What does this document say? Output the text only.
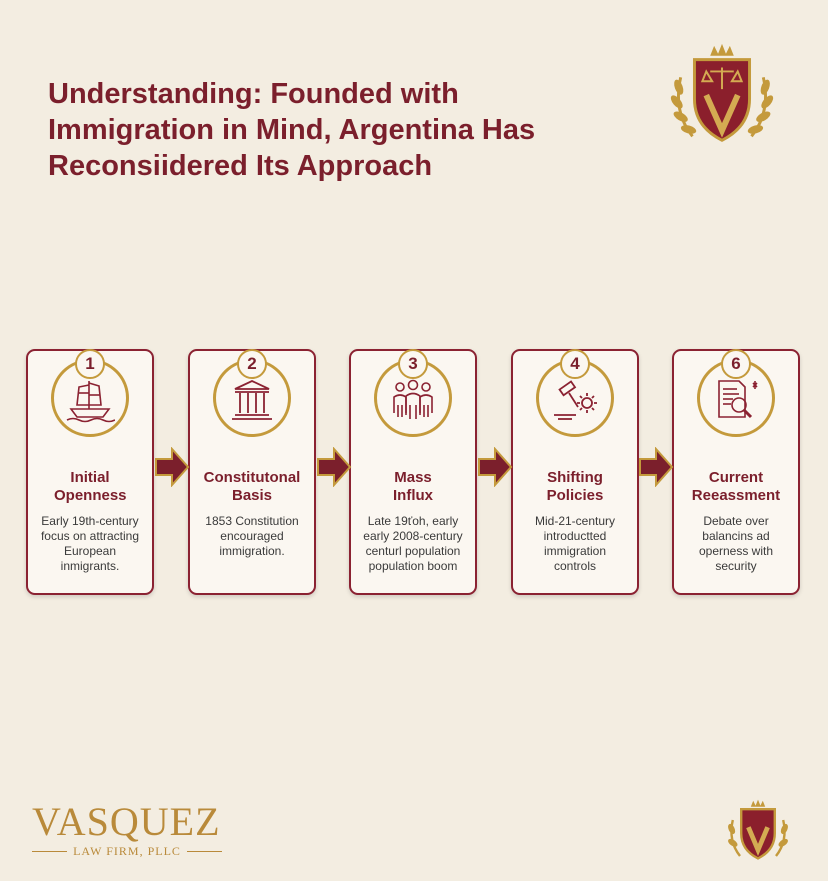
Understanding: Founded with Immigration in Mind, Argentina Has Reconsiidered Its Approach
1

Initial Openness

Early 19th-century focus on attracting European inmigrants.

2

Constitutonal Basis

1853 Constitution encouraged immigration.

3

Mass Influx

Late 19ťoh, early early 2008-century centurl population population boom

4

Shifting Policies

Mid-21-century introductted immigration controls

6

Current Reeassment

Debate over balancins ad operness with security

VASQUEZ
LAW FIRM, PLLC
